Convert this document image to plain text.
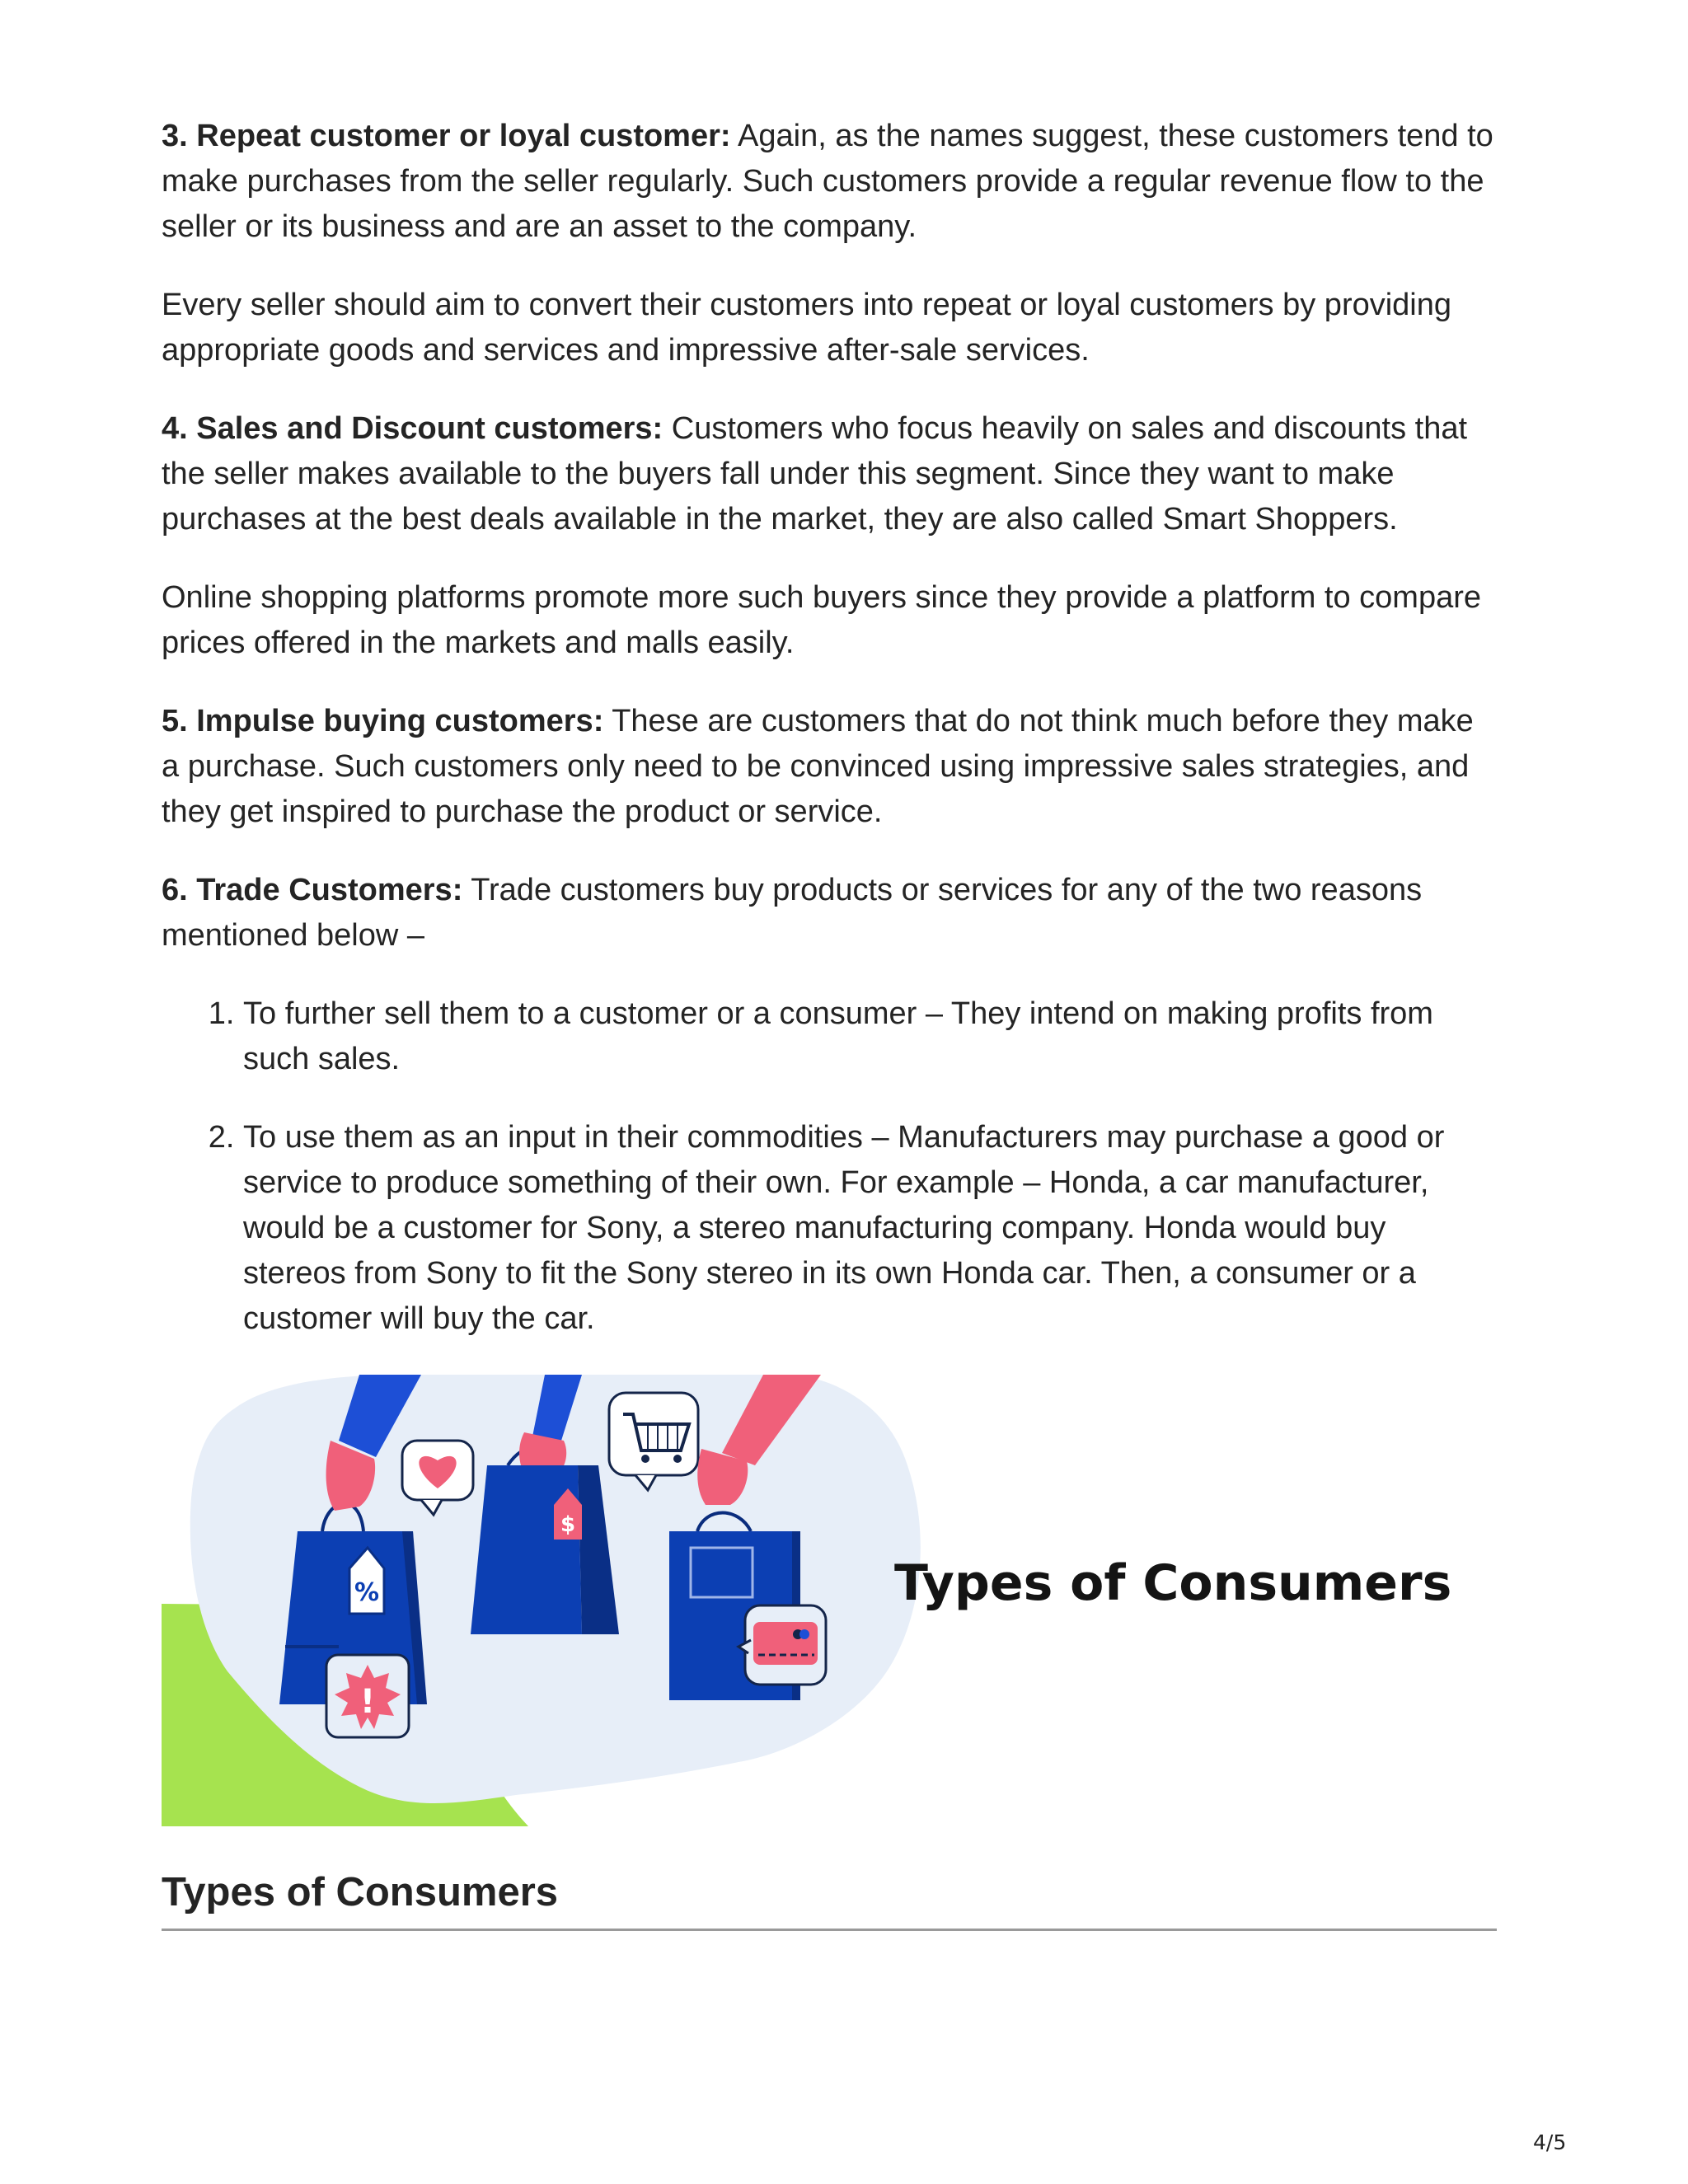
3. Repeat customer or loyal customer: Again, as the names suggest, these customers tend to make purchases from the seller regularly. Such customers provide a regular revenue flow to the seller or its business and are an asset to the company.

Every seller should aim to convert their customers into repeat or loyal customers by providing appropriate goods and services and impressive after-sale services.

4. Sales and Discount customers: Customers who focus heavily on sales and discounts that the seller makes available to the buyers fall under this segment. Since they want to make purchases at the best deals available in the market, they are also called Smart Shoppers.

Online shopping platforms promote more such buyers since they provide a platform to compare prices offered in the markets and malls easily.

5. Impulse buying customers: These are customers that do not think much before they make a purchase. Such customers only need to be convinced using impressive sales strategies, and they get inspired to purchase the product or service.

6. Trade Customers: Trade customers buy products or services for any of the two reasons mentioned below –

1. To further sell them to a customer or a consumer – They intend on making profits from such sales.
2. To use them as an input in their commodities – Manufacturers may purchase a good or service to produce something of their own. For example – Honda, a car manufacturer, would be a customer for Sony, a stereo manufacturing company. Honda would buy stereos from Sony to fit the Sony stereo in its own Honda car. Then, a consumer or a customer will buy the car.
%
!
$
Types of Consumers
Types of Consumers
4/5
